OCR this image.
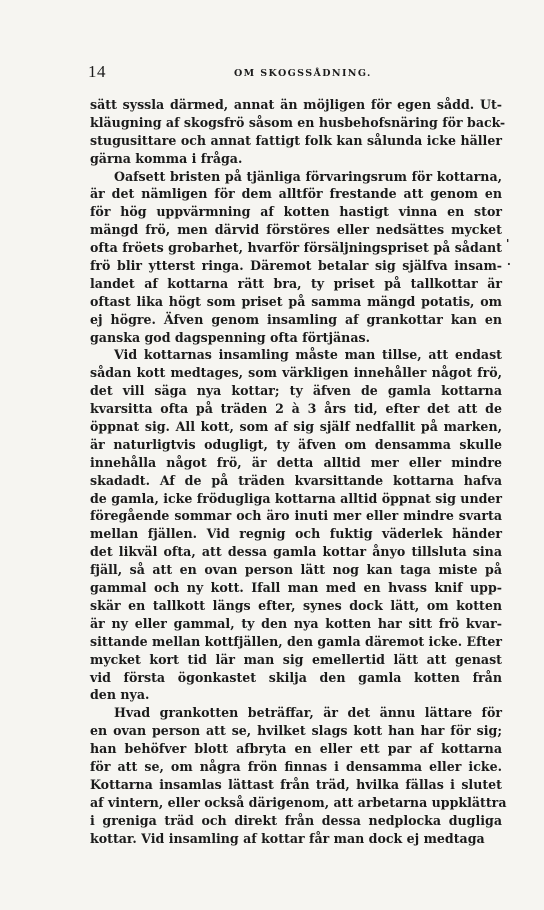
14	OM SKOGSSÅDNING.
sätt syssla därmed, annat än möjligen för egen sådd. Ut-
kläugning af skogsfrö såsom en husbehofsnäring för back-
stugusittare och annat fattigt folk kan sålunda icke häller
gärna komma i fråga.
Oafsett bristen på tjänliga förvaringsrum för kottarna,
är det nämligen för dem alltför frestande att genom en
för hög uppvärmning af kotten hastigt vinna en stor
mängd frö, men därvid förstöres eller nedsättes mycket
ofta fröets grobarhet, hvarför försäljningspriset på sådant
frö blir ytterst ringa. Däremot betalar sig själfva insam-
landet af kottarna rätt bra, ty priset på tallkottar är
oftast lika högt som priset på samma mängd potatis, om
ej högre. Äfven genom insamling af grankottar kan en
ganska god dagspenning ofta förtjänas.
Vid kottarnas insamling måste man tillse, att endast
sådan kott medtages, som värkligen innehåller något frö,
det vill säga nya kottar; ty äfven de gamla kottarna
kvarsitta ofta på träden 2 à 3 års tid, efter det att de
öppnat sig. All kott, som af sig själf nedfallit på marken,
är naturligtvis odugligt, ty äfven om densamma skulle
innehålla något frö, är detta alltid mer eller mindre
skadadt. Af de på träden kvarsittande kottarna hafva
de gamla, icke frödugliga kottarna alltid öppnat sig under
föregående sommar och äro inuti mer eller mindre svarta
mellan fjällen. Vid regnig och fuktig väderlek händer
det likväl ofta, att dessa gamla kottar ånyo tillsluta sina
fjäll, så att en ovan person lätt nog kan taga miste på
gammal och ny kott. Ifall man med en hvass knif upp-
skär en tallkott längs efter, synes dock lätt, om kotten
är ny eller gammal, ty den nya kotten har sitt frö kvar-
sittande mellan kottfjällen, den gamla däremot icke. Efter
mycket kort tid lär man sig emellertid lätt att genast
vid första ögonkastet skilja den gamla kotten från
den nya.
Hvad grankotten beträffar, är det ännu lättare för
en ovan person att se, hvilket slags kott han har för sig;
han behöfver blott afbryta en eller ett par af kottarna
för att se, om några frön finnas i densamma eller icke.
Kottarna insamlas lättast från träd, hvilka fällas i slutet
af vintern, eller också därigenom, att arbetarna uppklättra
i greniga träd och direkt från dessa nedplocka dugliga
kottar. Vid insamling af kottar får man dock ej medtaga
'
·
